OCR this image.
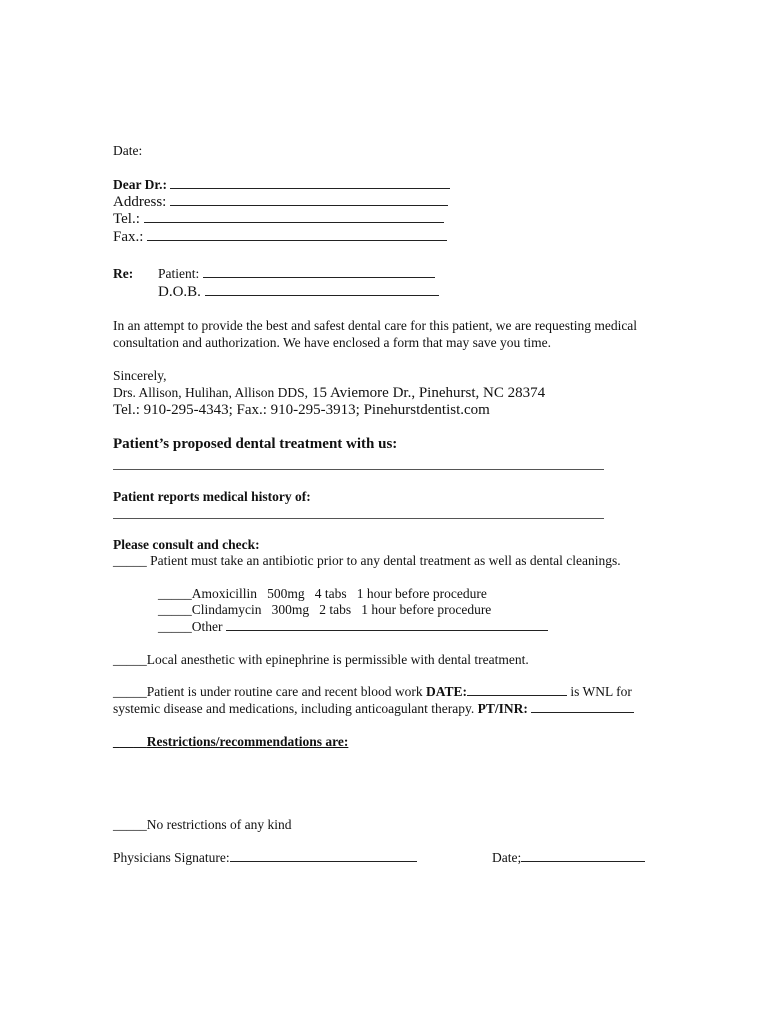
Date:
Dear Dr.:
Address:
Tel.:
Fax.:
Re: Patient:
D.O.B.
In an attempt to provide the best and safest dental care for this patient, we are requesting medical
consultation and authorization. We have enclosed a form that may save you time.
Sincerely,
Drs. Allison, Hulihan, Allison DDS, 15 Aviemore Dr., Pinehurst, NC 28374
Tel.: 910-295-4343; Fax.: 910-295-3913; Pinehurstdentist.com
Patient’s proposed dental treatment with us:
Patient reports medical history of:
Please consult and check:
_____ Patient must take an antibiotic prior to any dental treatment as well as dental cleanings.
_____Amoxicillin   500mg   4 tabs   1 hour before procedure
_____Clindamycin   300mg   2 tabs   1 hour before procedure
_____Other
_____Local anesthetic with epinephrine is permissible with dental treatment.
_____Patient is under routine care and recent blood work DATE:	is WNL for
systemic disease and medications, including anticoagulant therapy. PT/INR:
_____Restrictions/recommendations are:
_____No restrictions of any kind
Physicians Signature:	Date;
